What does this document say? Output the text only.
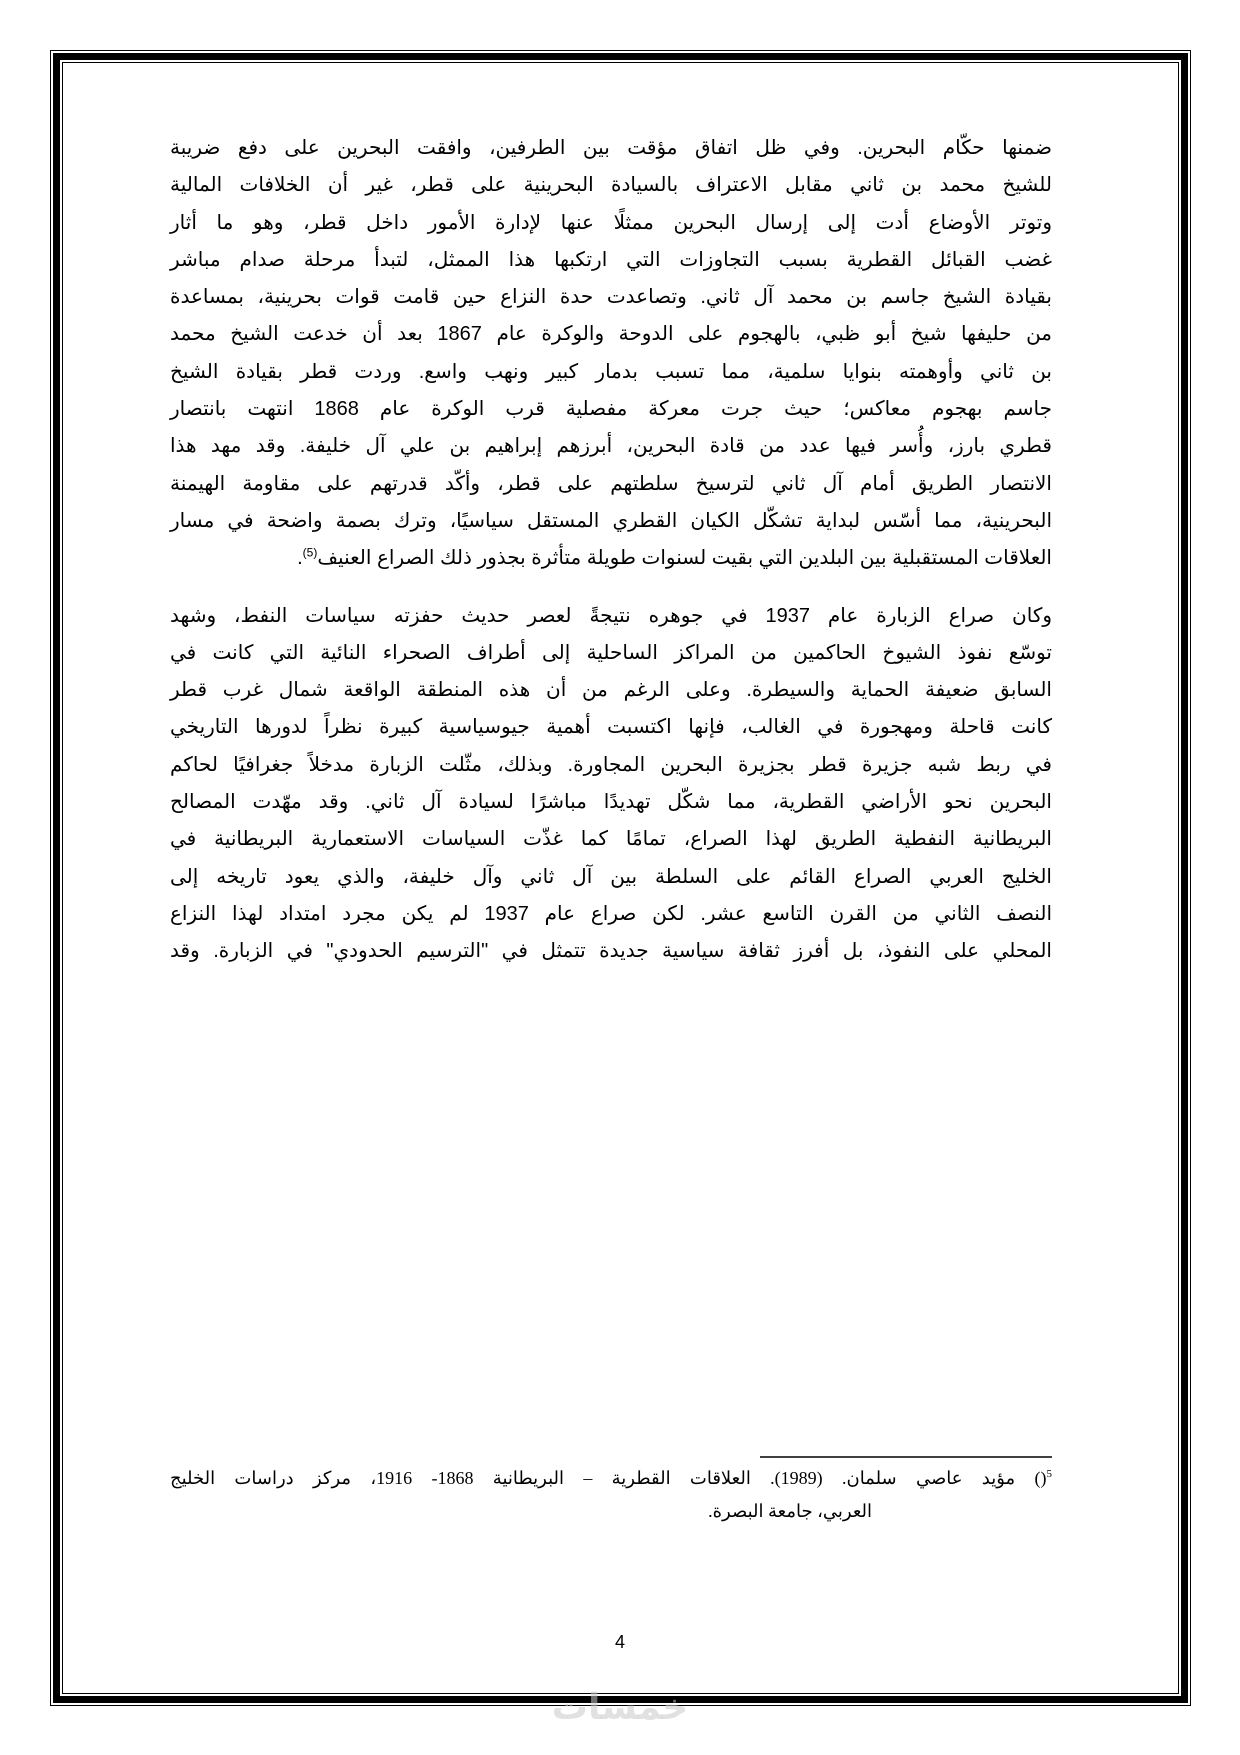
ضمنها حكّام البحرين. وفي ظل اتفاق مؤقت بين الطرفين، وافقت البحرين على دفع ضريبة
للشيخ محمد بن ثاني مقابل الاعتراف بالسيادة البحرينية على قطر، غير أن الخلافات المالية
وتوتر الأوضاع أدت إلى إرسال البحرين ممثلًا عنها لإدارة الأمور داخل قطر، وهو ما أثار
غضب القبائل القطرية بسبب التجاوزات التي ارتكبها هذا الممثل، لتبدأ مرحلة صدام مباشر
بقيادة الشيخ جاسم بن محمد آل ثاني. وتصاعدت حدة النزاع حين قامت قوات بحرينية، بمساعدة
من حليفها شيخ أبو ظبي، بالهجوم على الدوحة والوكرة عام 1867 بعد أن خدعت الشيخ محمد
بن ثاني وأوهمته بنوايا سلمية، مما تسبب بدمار كبير ونهب واسع. وردت قطر بقيادة الشيخ
جاسم بهجوم معاكس؛ حيث جرت معركة مفصلية قرب الوكرة عام 1868 انتهت بانتصار
قطري بارز، وأُسر فيها عدد من قادة البحرين، أبرزهم إبراهيم بن علي آل خليفة. وقد مهد هذا
الانتصار الطريق أمام آل ثاني لترسيخ سلطتهم على قطر، وأكّد قدرتهم على مقاومة الهيمنة
البحرينية، مما أسّس لبداية تشكّل الكيان القطري المستقل سياسيًا، وترك بصمة واضحة في مسار
العلاقات المستقبلية بين البلدين التي بقيت لسنوات طويلة متأثرة بجذور ذلك الصراع العنيف$^{(5)}$.

وكان صراع الزبارة عام 1937 في جوهره نتيجةً لعصر حديث حفزته سياسات النفط، وشهد
توسّع نفوذ الشيوخ الحاكمين من المراكز الساحلية إلى أطراف الصحراء النائية التي كانت في
السابق ضعيفة الحماية والسيطرة. وعلى الرغم من أن هذه المنطقة الواقعة شمال غرب قطر
كانت قاحلة ومهجورة في الغالب، فإنها اكتسبت أهمية جيوسياسية كبيرة نظراً لدورها التاريخي
في ربط شبه جزيرة قطر بجزيرة البحرين المجاورة. وبذلك، مثّلت الزبارة مدخلاً جغرافيًا لحاكم
البحرين نحو الأراضي القطرية، مما شكّل تهديدًا مباشرًا لسيادة آل ثاني. وقد مهّدت المصالح
البريطانية النفطية الطريق لهذا الصراع، تمامًا كما غذّت السياسات الاستعمارية البريطانية في
الخليج العربي الصراع القائم على السلطة بين آل ثاني وآل خليفة، والذي يعود تاريخه إلى
النصف الثاني من القرن التاسع عشر. لكن صراع عام 1937 لم يكن مجرد امتداد لهذا النزاع
المحلي على النفوذ، بل أفرز ثقافة سياسية جديدة تتمثل في "الترسيم الحدودي" في الزبارة. وقد

$^5$() مؤيد عاصي سلمان. (1989). العلاقات القطرية – البريطانية 1868- 1916، مركز دراسات الخليج
العربي، جامعة البصرة.
4
خمسات
